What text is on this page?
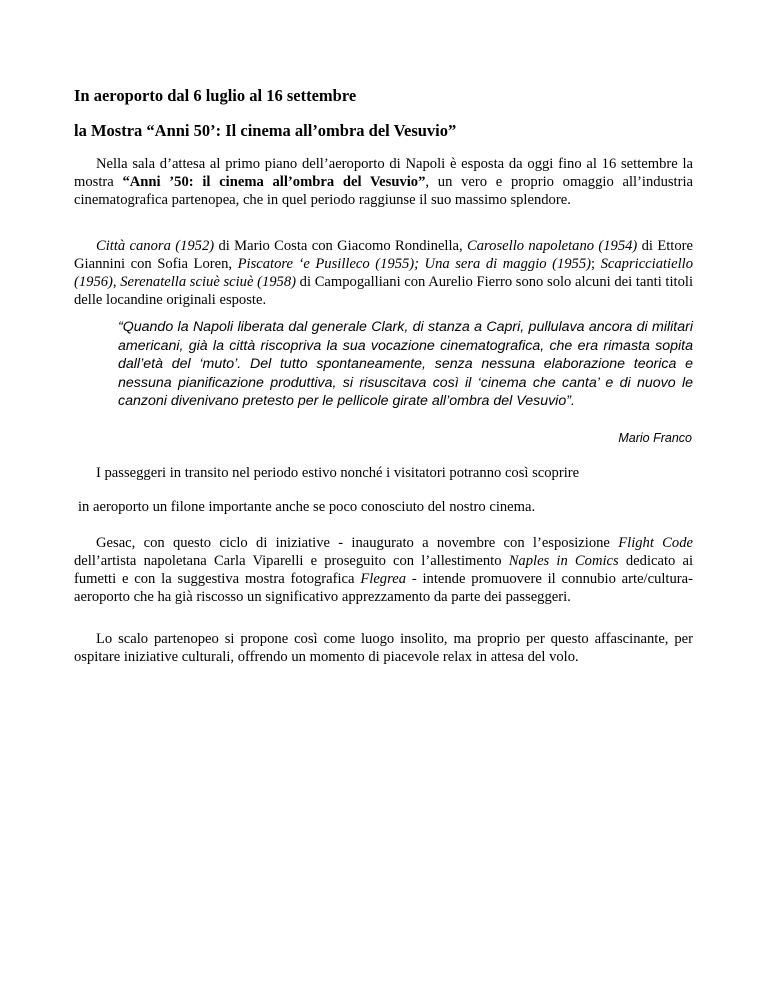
In aeroporto dal 6 luglio al 16 settembre
la Mostra “Anni 50’: Il cinema all’ombra del Vesuvio”

Nella sala d’attesa al primo piano dell’aeroporto di Napoli è esposta da oggi fino al 16 settembre la mostra “Anni ’50: il cinema all’ombra del Vesuvio”, un vero e proprio omaggio all’industria cinematografica partenopea, che in quel periodo raggiunse il suo massimo splendore.

Città canora (1952) di Mario Costa con Giacomo Rondinella, Carosello napoletano (1954) di Ettore Giannini con Sofia Loren, Piscatore ‘e Pusilleco (1955); Una sera di maggio (1955); Scapricciatiello (1956), Serenatella sciuè sciuè (1958) di Campogalliani con Aurelio Fierro sono solo alcuni dei tanti titoli delle locandine originali esposte.

“Quando la Napoli liberata dal generale Clark, di stanza a Capri, pullulava ancora di militari americani, già la città riscopriva la sua vocazione cinematografica, che era rimasta sopita dall’età del ‘muto’. Del tutto spontaneamente, senza nessuna elaborazione teorica e nessuna pianificazione produttiva, si risuscitava così il ‘cinema che canta’ e di nuovo le canzoni divenivano pretesto per le pellicole girate all’ombra del Vesuvio”.

Mario Franco

I passeggeri in transito nel periodo estivo nonché i visitatori potranno così scoprire

in aeroporto un filone importante anche se poco conosciuto del nostro cinema.

Gesac, con questo ciclo di iniziative - inaugurato a novembre con l’esposizione Flight Code dell’artista napoletana Carla Viparelli e proseguito con l’allestimento Naples in Comics dedicato ai fumetti e con la suggestiva mostra fotografica Flegrea - intende promuovere il connubio arte/cultura-aeroporto che ha già riscosso un significativo apprezzamento da parte dei passeggeri.

Lo scalo partenopeo si propone così come luogo insolito, ma proprio per questo affascinante, per ospitare iniziative culturali, offrendo un momento di piacevole relax in attesa del volo.
